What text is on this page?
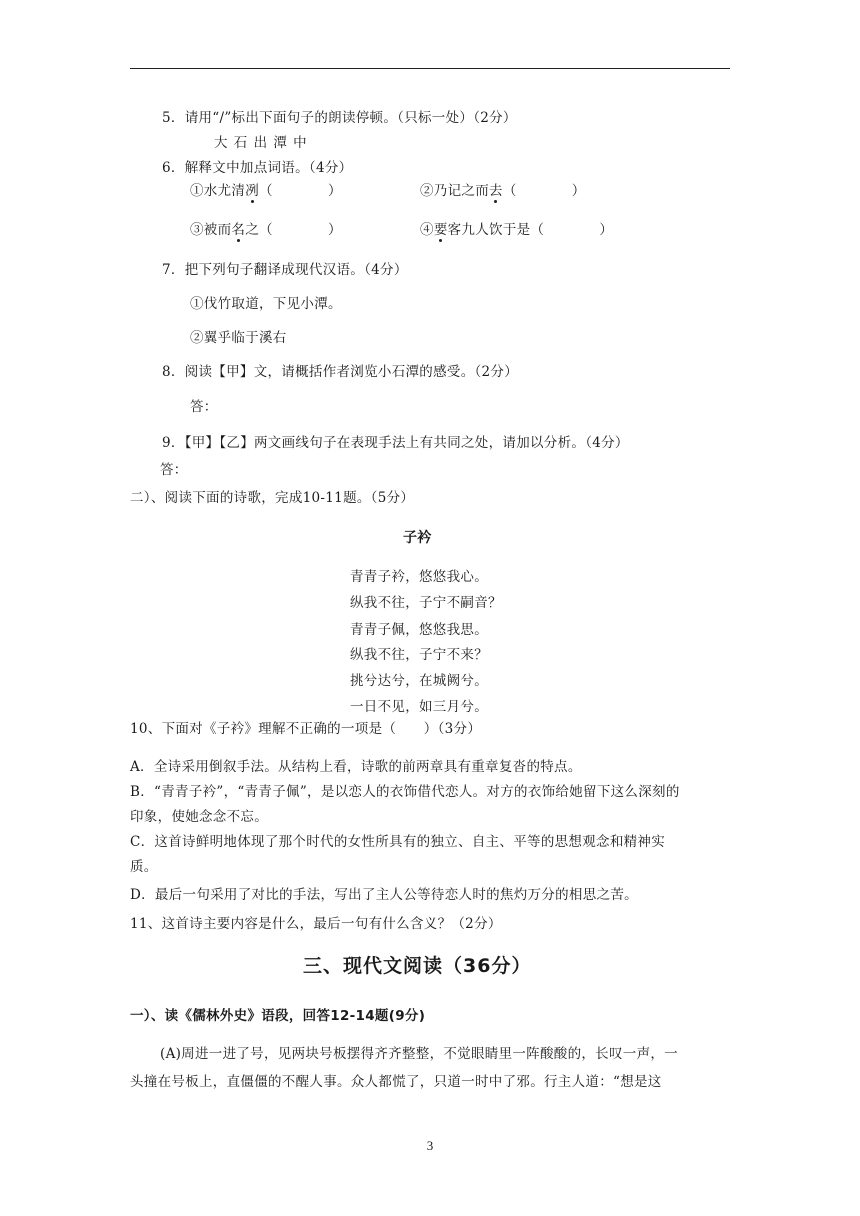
5．请用“/”标出下面句子的朗读停顿。（只标一处）（2分）
大 石 出 潭 中
6．解释文中加点词语。（4分）
①水尤清冽（　　　　）	②乃记之而去（　　　　）
③被而名之（　　　　）	④要客九人饮于是（　　　　）
7．把下列句子翻译成现代汉语。（4分）
①伐竹取道，下见小潭。
②翼乎临于溪右
8．阅读【甲】文，请概括作者浏览小石潭的感受。（2分）
答：
9．【甲】【乙】两文画线句子在表现手法上有共同之处，请加以分析。（4分）
答：
二）、阅读下面的诗歌，完成10-11题。（5分）
子衿
青青子衿，悠悠我心。
纵我不往，子宁不嗣音？
青青子佩，悠悠我思。
纵我不往，子宁不来？
挑兮达兮，在城阙兮。
一日不见，如三月兮。
10、下面对《子衿》理解不正确的一项是（　　）（3分）
A．全诗采用倒叙手法。从结构上看，诗歌的前两章具有重章复沓的特点。
B．“青青子衿”，“青青子佩”，是以恋人的衣饰借代恋人。对方的衣饰给她留下这么深刻的
印象，使她念念不忘。
C．这首诗鲜明地体现了那个时代的女性所具有的独立、自主、平等的思想观念和精神实
质。
D．最后一句采用了对比的手法，写出了主人公等待恋人时的焦灼万分的相思之苦。
11、这首诗主要内容是什么，最后一句有什么含义？（2分）
三、现代文阅读（36分）
一）、读《儒林外史》语段，回答12-14题(9分)
(A)周进一进了号，见两块号板摆得齐齐整整，不觉眼睛里一阵酸酸的，长叹一声，一
头撞在号板上，直僵僵的不醒人事。众人都慌了，只道一时中了邪。行主人道：“想是这
3
